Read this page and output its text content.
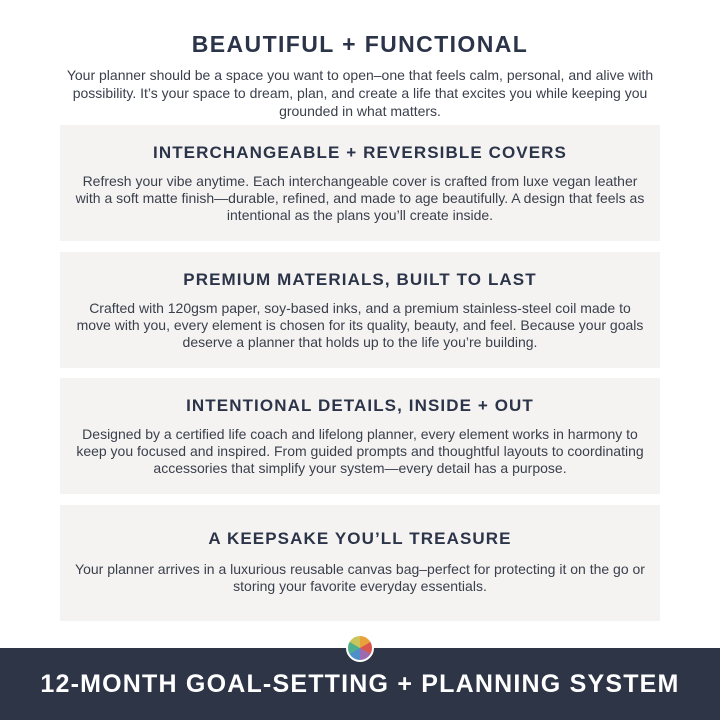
BEAUTIFUL + FUNCTIONAL

Your planner should be a space you want to open–one that feels calm, personal, and alive with possibility. It’s your space to dream, plan, and create a life that excites you while keeping you grounded in what matters.

INTERCHANGEABLE + REVERSIBLE COVERS

Refresh your vibe anytime. Each interchangeable cover is crafted from luxe vegan leather with a soft matte finish—durable, refined, and made to age beautifully. A design that feels as intentional as the plans you’ll create inside.

PREMIUM MATERIALS, BUILT TO LAST

Crafted with 120gsm paper, soy-based inks, and a premium stainless-steel coil made to move with you, every element is chosen for its quality, beauty, and feel. Because your goals deserve a planner that holds up to the life you’re building.

INTENTIONAL DETAILS, INSIDE + OUT

Designed by a certified life coach and lifelong planner, every element works in harmony to keep you focused and inspired. From guided prompts and thoughtful layouts to coordinating accessories that simplify your system—every detail has a purpose.

A KEEPSAKE YOU’LL TREASURE

Your planner arrives in a luxurious reusable canvas bag–perfect for protecting it on the go or storing your favorite everyday essentials.

12-MONTH GOAL-SETTING + PLANNING SYSTEM
